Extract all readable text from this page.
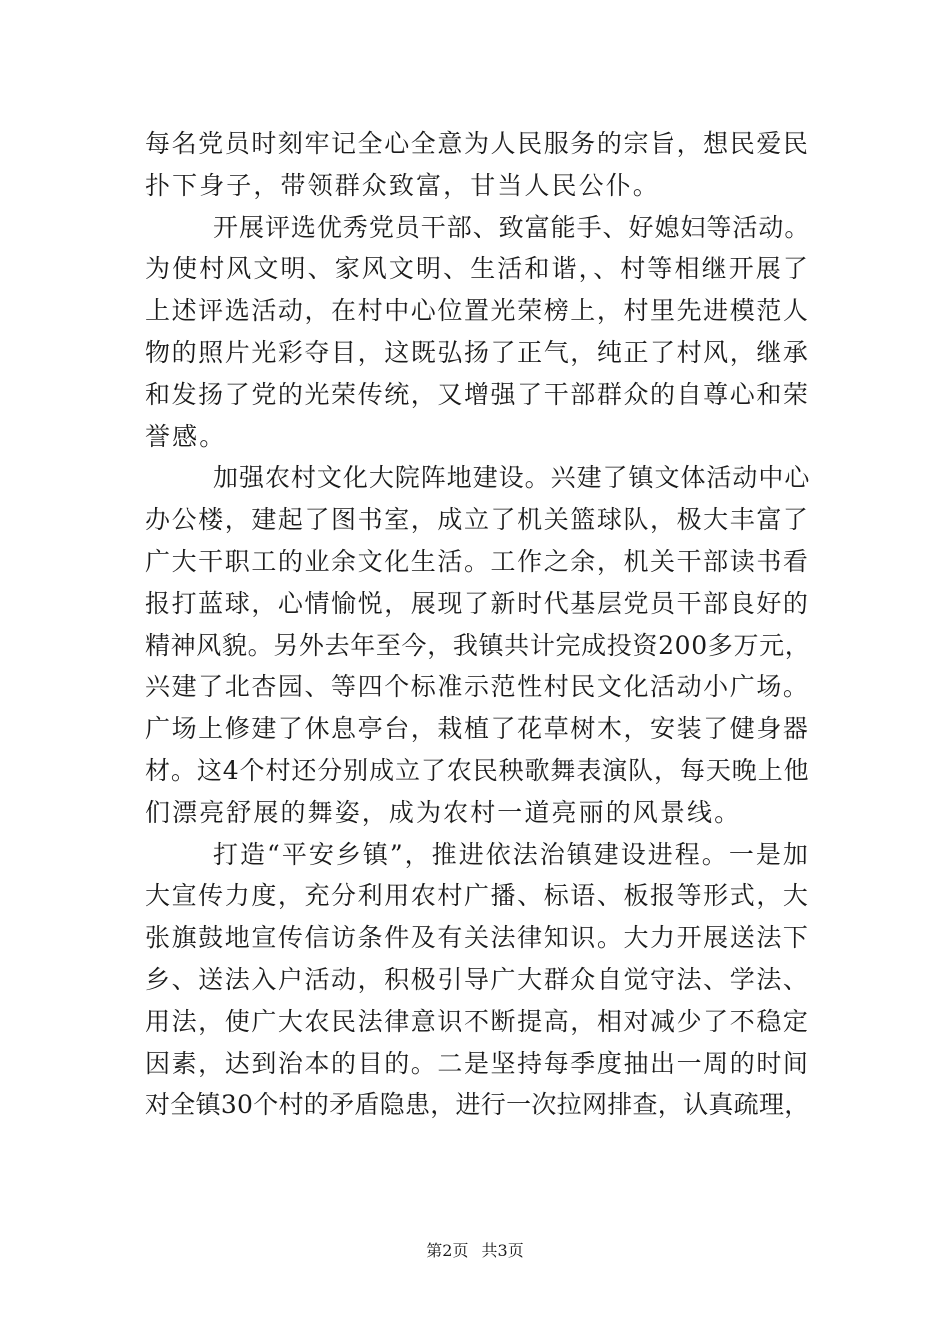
每名党员时刻牢记全心全意为人民服务的宗旨，想民爱民
扑下身子，带领群众致富，甘当人民公仆。
开展评选优秀党员干部、致富能手、好媳妇等活动。
为使村风文明、家风文明、生活和谐，、村等相继开展了
上述评选活动，在村中心位置光荣榜上，村里先进模范人
物的照片光彩夺目，这既弘扬了正气，纯正了村风，继承
和发扬了党的光荣传统，又增强了干部群众的自尊心和荣
誉感。
加强农村文化大院阵地建设。兴建了镇文体活动中心
办公楼，建起了图书室，成立了机关篮球队，极大丰富了
广大干职工的业余文化生活。工作之余，机关干部读书看
报打蓝球，心情愉悦，展现了新时代基层党员干部良好的
精神风貌。另外去年至今，我镇共计完成投资200多万元，
兴建了北杏园、等四个标准示范性村民文化活动小广场。
广场上修建了休息亭台，栽植了花草树木，安装了健身器
材。这4个村还分别成立了农民秧歌舞表演队，每天晚上他
们漂亮舒展的舞姿，成为农村一道亮丽的风景线。
打造“平安乡镇”，推进依法治镇建设进程。一是加
大宣传力度，充分利用农村广播、标语、板报等形式，大
张旗鼓地宣传信访条件及有关法律知识。大力开展送法下
乡、送法入户活动，积极引导广大群众自觉守法、学法、
用法，使广大农民法律意识不断提高，相对减少了不稳定
因素，达到治本的目的。二是坚持每季度抽出一周的时间
对全镇30个村的矛盾隐患，进行一次拉网排查，认真疏理，
第2页 共3页
